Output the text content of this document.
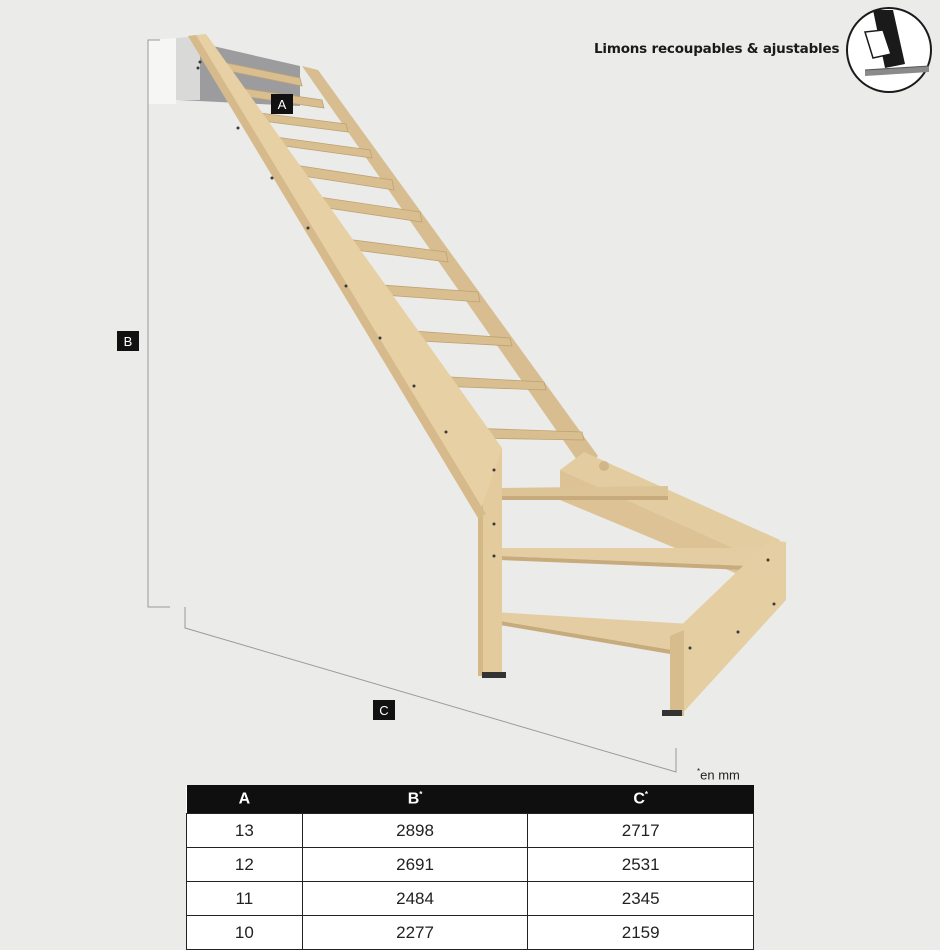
A
B
C
Limons recoupables & ajustables
*en mm
A	B*	C*
13	2898	2717
12	2691	2531
11	2484	2345
10	2277	2159
